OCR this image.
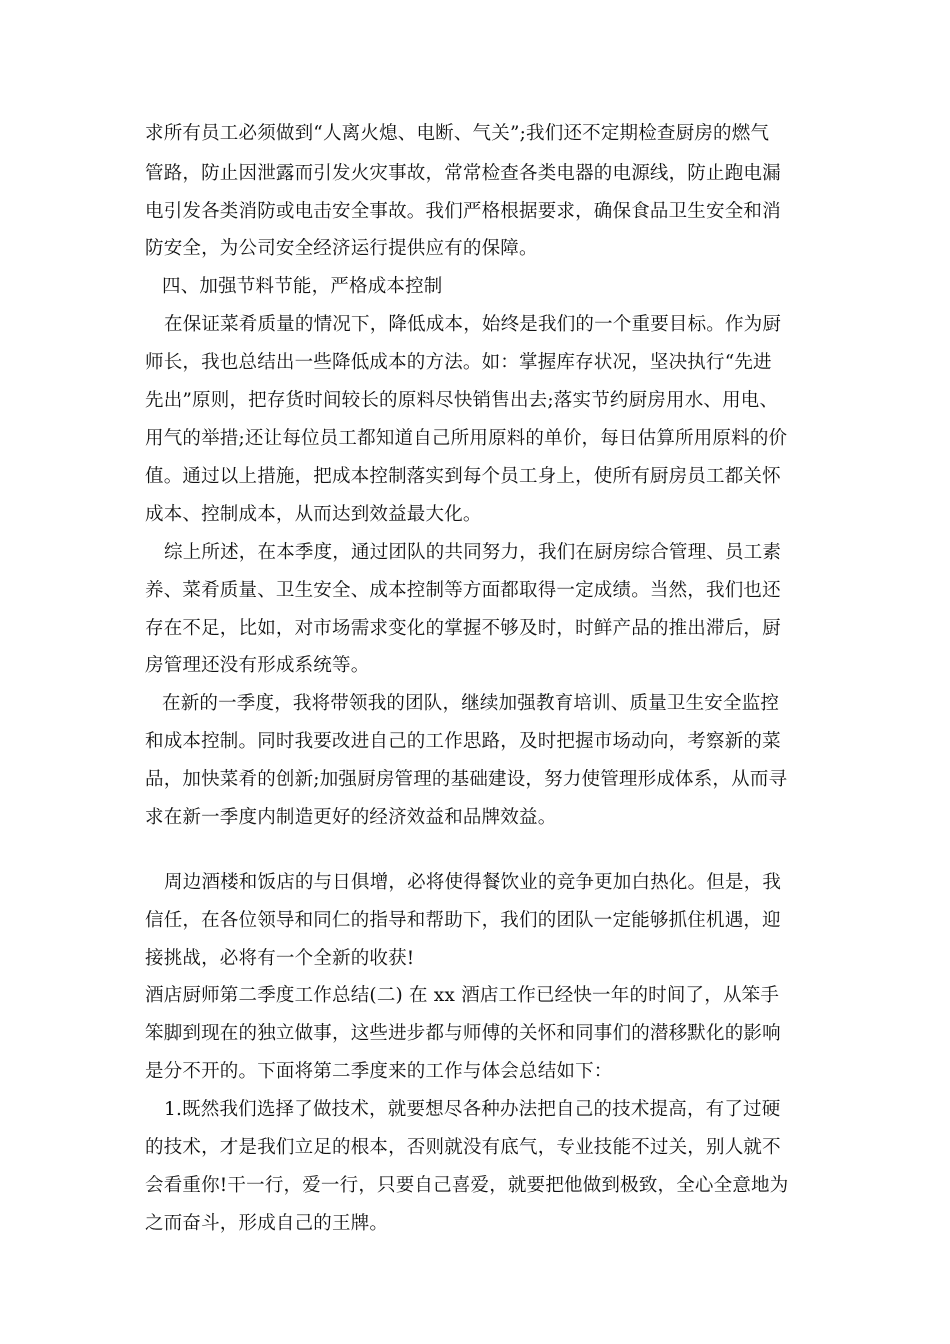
求所有员工必须做到“人离火熄、电断、气关”;我们还不定期检查厨房的燃气
管路，防止因泄露而引发火灾事故，常常检查各类电器的电源线，防止跑电漏
电引发各类消防或电击安全事故。我们严格根据要求，确保食品卫生安全和消
防安全，为公司安全经济运行提供应有的保障。
四、加强节料节能，严格成本控制
在保证菜肴质量的情况下，降低成本，始终是我们的一个重要目标。作为厨
师长，我也总结出一些降低成本的方法。如：掌握库存状况，坚决执行“先进
先出”原则，把存货时间较长的原料尽快销售出去;落实节约厨房用水、用电、
用气的举措;还让每位员工都知道自己所用原料的单价，每日估算所用原料的价
值。通过以上措施，把成本控制落实到每个员工身上，使所有厨房员工都关怀
成本、控制成本，从而达到效益最大化。
综上所述，在本季度，通过团队的共同努力，我们在厨房综合管理、员工素
养、菜肴质量、卫生安全、成本控制等方面都取得一定成绩。当然，我们也还
存在不足，比如，对市场需求变化的掌握不够及时，时鲜产品的推出滞后，厨
房管理还没有形成系统等。
在新的一季度，我将带领我的团队，继续加强教育培训、质量卫生安全监控
和成本控制。同时我要改进自己的工作思路，及时把握市场动向，考察新的菜
品，加快菜肴的创新;加强厨房管理的基础建设，努力使管理形成体系，从而寻
求在新一季度内制造更好的经济效益和品牌效益。
周边酒楼和饭店的与日俱增，必将使得餐饮业的竞争更加白热化。但是，我
信任，在各位领导和同仁的指导和帮助下，我们的团队一定能够抓住机遇，迎
接挑战，必将有一个全新的收获!
酒店厨师第二季度工作总结(二) 在 xx 酒店工作已经快一年的时间了，从笨手
笨脚到现在的独立做事，这些进步都与师傅的关怀和同事们的潜移默化的影响
是分不开的。下面将第二季度来的工作与体会总结如下：
1.既然我们选择了做技术，就要想尽各种办法把自己的技术提高，有了过硬
的技术，才是我们立足的根本，否则就没有底气，专业技能不过关，别人就不
会看重你!干一行，爱一行，只要自己喜爱，就要把他做到极致，全心全意地为
之而奋斗，形成自己的王牌。
